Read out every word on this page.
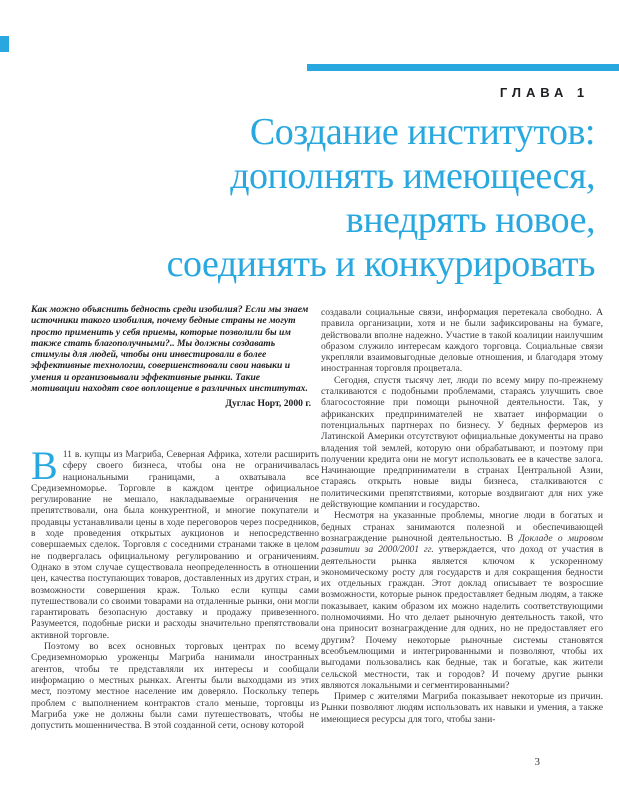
ГЛАВА 1
Создание институтов:
дополнять имеющееся,
внедрять новое,
соединять и конкурировать
Как можно объяснить бедность среди изобилия? Если мы знаем источники такого изобилия, почему бедные страны не могут просто применить у себя приемы, которые позволили бы им также стать благополучными?.. Мы должны создавать стимулы для людей, чтобы они инвестировали в более эффективные технологии, совершенствовали свои навыки и умения и организовывали эффективные рынки. Такие мотивации находят свое воплощение в различных институтах.
Дуглас Норт, 2000 г.

В 11 в. купцы из Магриба, Северная Африка, хотели расширить сферу своего бизнеса, чтобы она не ограничивалась национальными границами, а охватывала все Средиземноморье. Торговле в каждом центре официальное регулирование не мешало, накладываемые ограничения не препятствовали, она была конкурентной, и многие покупатели и продавцы устанавливали цены в ходе переговоров через посредников, в ходе проведения открытых аукционов и непосредственно совершаемых сделок. Торговля с соседними странами также в целом не подвергалась официальному регулированию и ограничениям. Однако в этом случае существовала неопределенность в отношении цен, качества поступающих товаров, доставленных из других стран, и возможности совершения краж. Только если купцы сами путешествовали со своими товарами на отдаленные рынки, они могли гарантировать безопасную доставку и продажу привезенного. Разумеется, подобные риски и расходы значительно препятствовали активной торговле.

Поэтому во всех основных торговых центрах по всему Средиземноморью уроженцы Магриба нанимали иностранных агентов, чтобы те представляли их интересы и сообщали информацию о местных рынках. Агенты были выходцами из этих мест, поэтому местное население им доверяло. Поскольку теперь проблем с выполнением контрактов стало меньше, торговцы из Магриба уже не должны были сами путешествовать, чтобы не допустить мошенничества. В этой созданной сети, основу которой

создавали социальные связи, информация перетекала свободно. А правила организации, хотя и не были зафиксированы на бумаге, действовали вполне надежно. Участие в такой коалиции наилучшим образом служило интересам каждого торговца. Социальные связи укрепляли взаимовыгодные деловые отношения, и благодаря этому иностранная торговля процветала.

Сегодня, спустя тысячу лет, люди по всему миру по-прежнему сталкиваются с подобными проблемами, стараясь улучшить свое благосостояние при помощи рыночной деятельности. Так, у африканских предпринимателей не хватает информации о потенциальных партнерах по бизнесу. У бедных фермеров из Латинской Америки отсутствуют официальные документы на право владения той землей, которую они обрабатывают, и поэтому при получении кредита они не могут использовать ее в качестве залога. Начинающие предприниматели в странах Центральной Азии, стараясь открыть новые виды бизнеса, сталкиваются с политическими препятствиями, которые воздвигают для них уже действующие компании и государство.

Несмотря на указанные проблемы, многие люди в богатых и бедных странах занимаются полезной и обеспечивающей вознаграждение рыночной деятельностью. В Докладе о мировом развитии за 2000/2001 гг. утверждается, что доход от участия в деятельности рынка является ключом к ускоренному экономическому росту для государств и для сокращения бедности их отдельных граждан. Этот доклад описывает те возросшие возможности, которые рынок предоставляет бедным людям, а также показывает, каким образом их можно наделить соответствующими полномочиями. Но что делает рыночную деятельность такой, что она приносит вознаграждение для одних, но не предоставляет его другим? Почему некоторые рыночные системы становятся всеобъемлющими и интегрированными и позволяют, чтобы их выгодами пользовались как бедные, так и богатые, как жители сельской местности, так и городов? И почему другие рынки являются локальными и сегментированными?

Пример с жителями Магриба показывает некоторые из причин. Рынки позволяют людям использовать их навыки и умения, а также имеющиеся ресурсы для того, чтобы зани-

3
